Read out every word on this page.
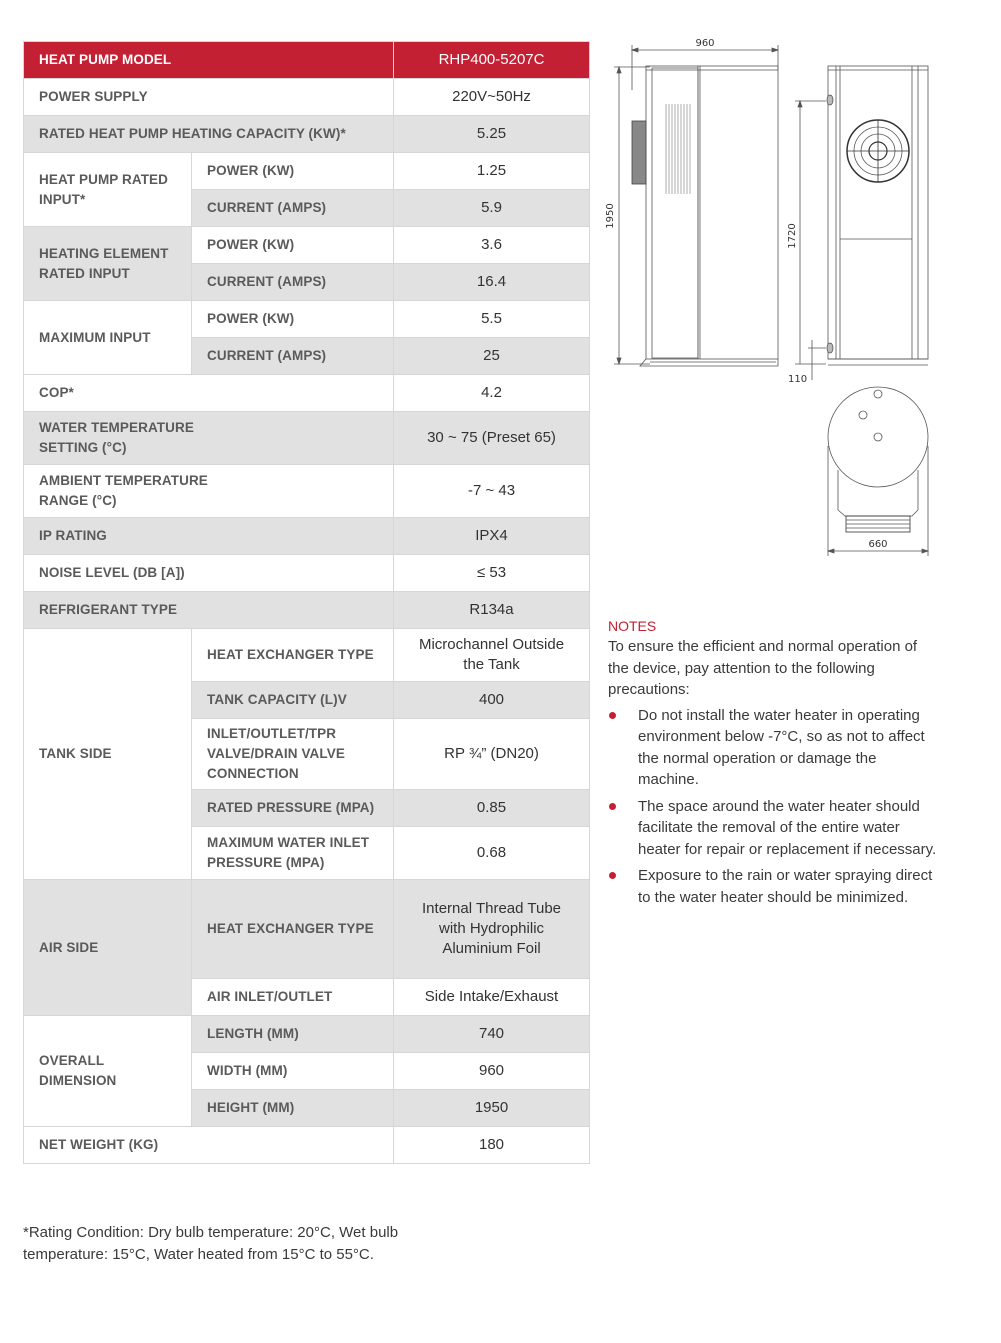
HEAT PUMP MODEL		RHP400-5207C
POWER SUPPLY		220V~50Hz
RATED HEAT PUMP HEATING CAPACITY (KW)*		5.25
HEAT PUMP RATED INPUT*	POWER (KW)	1.25
	CURRENT (AMPS)	5.9
HEATING ELEMENT RATED INPUT	POWER (KW)	3.6
	CURRENT (AMPS)	16.4
MAXIMUM INPUT	POWER (KW)	5.5
	CURRENT (AMPS)	25
COP*		4.2

WATER TEMPERATURE SETTING (°C)		30 ~ 75 (Preset 65)

AMBIENT TEMPERATURE RANGE (°C)		-7 ~ 43
IP RATING		IPX4
NOISE LEVEL (DB [A])		≤ 53
REFRIGERANT TYPE		R134a
TANK SIDE	HEAT EXCHANGER TYPE	Microchannel Outside the Tank

	TANK CAPACITY (L)V	400

	INLET/OUTLET/TPR VALVE/DRAIN VALVE CONNECTION	RP ¾” (DN20)
	RATED PRESSURE (MPA)	0.85
	MAXIMUM WATER INLET PRESSURE (MPA)	0.68
AIR SIDE	HEAT EXCHANGER TYPE	Internal Thread Tube with Hydrophilic Aluminium Foil

	AIR INLET/OUTLET	Side Intake/Exhaust

OVERALL DIMENSION	LENGTH (MM)	740
	WIDTH (MM)	960
	HEIGHT (MM)	1950
NET WEIGHT (KG)		180
960
1950
1720
110
660
NOTES

To ensure the efficient and normal operation of the device, pay attention to the following precautions:

Do not install the water heater in operating environment below -7°C, so as not to affect the normal operation or damage the machine.
The space around the water heater should facilitate the removal of the entire water heater for repair or replacement if necessary.
Exposure to the rain or water spraying direct to the water heater should be minimized.
*Rating Condition: Dry bulb temperature: 20°C, Wet bulb temperature: 15°C, Water heated from 15°C to 55°C.
